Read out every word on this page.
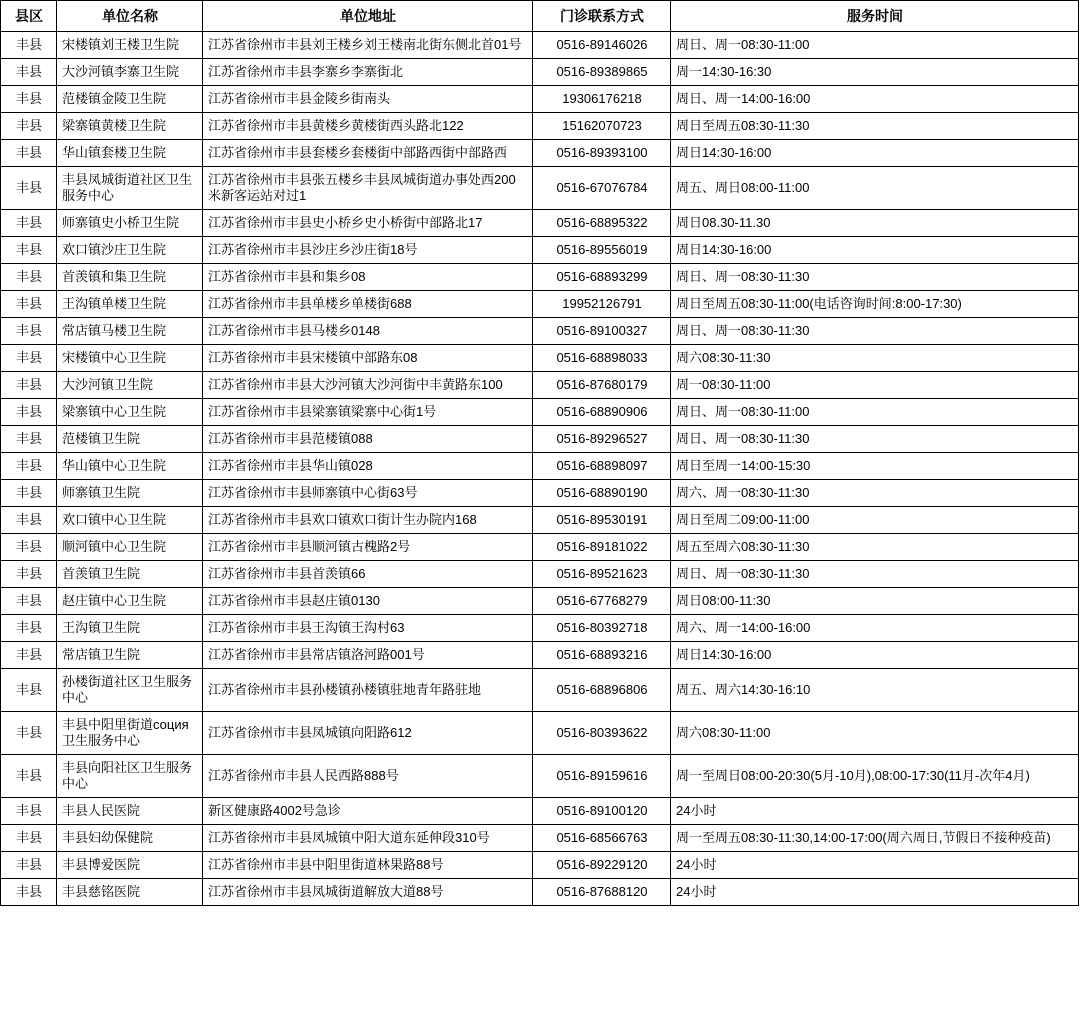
县区	单位名称	单位地址	门诊联系方式	服务时间
丰县	宋楼镇刘王楼卫生院	江苏省徐州市丰县刘王楼乡刘王楼南北街东侧北首01号	0516-89146026	周日、周一08:30-11:00
丰县	大沙河镇李寨卫生院	江苏省徐州市丰县李寨乡李寨街北	0516-89389865	周一14:30-16:30
丰县	范楼镇金陵卫生院	江苏省徐州市丰县金陵乡街南头	19306176218	周日、周一14:00-16:00
丰县	梁寨镇黄楼卫生院	江苏省徐州市丰县黄楼乡黄楼街西头路北122	15162070723	周日至周五08:30-11:30
丰县	华山镇套楼卫生院	江苏省徐州市丰县套楼乡套楼街中部路西街中部路西	0516-89393100	周日14:30-16:00
丰县	丰县凤城街道社区卫生服务中心	江苏省徐州市丰县张五楼乡丰县凤城街道办事处西200米新客运站对过1	0516-67076784	周五、周日08:00-11:00
丰县	师寨镇史小桥卫生院	江苏省徐州市丰县史小桥乡史小桥街中部路北17	0516-68895322	周日08.30-11.30
丰县	欢口镇沙庄卫生院	江苏省徐州市丰县沙庄乡沙庄街18号	0516-89556019	周日14:30-16:00
丰县	首羡镇和集卫生院	江苏省徐州市丰县和集乡08	0516-68893299	周日、周一08:30-11:30
丰县	王沟镇单楼卫生院	江苏省徐州市丰县单楼乡单楼街688	19952126791	周日至周五08:30-11:00(电话咨询时间:8:00-17:30)
丰县	常店镇马楼卫生院	江苏省徐州市丰县马楼乡0148	0516-89100327	周日、周一08:30-11:30
丰县	宋楼镇中心卫生院	江苏省徐州市丰县宋楼镇中部路东08	0516-68898033	周六08:30-11:30
丰县	大沙河镇卫生院	江苏省徐州市丰县大沙河镇大沙河街中丰黄路东100	0516-87680179	周一08:30-11:00
丰县	梁寨镇中心卫生院	江苏省徐州市丰县梁寨镇梁寨中心街1号	0516-68890906	周日、周一08:30-11:00
丰县	范楼镇卫生院	江苏省徐州市丰县范楼镇088	0516-89296527	周日、周一08:30-11:30
丰县	华山镇中心卫生院	江苏省徐州市丰县华山镇028	0516-68898097	周日至周一14:00-15:30
丰县	师寨镇卫生院	江苏省徐州市丰县师寨镇中心街63号	0516-68890190	周六、周一08:30-11:30
丰县	欢口镇中心卫生院	江苏省徐州市丰县欢口镇欢口街计生办院内168	0516-89530191	周日至周二09:00-11:00
丰县	顺河镇中心卫生院	江苏省徐州市丰县顺河镇古槐路2号	0516-89181022	周五至周六08:30-11:30
丰县	首羡镇卫生院	江苏省徐州市丰县首羡镇66	0516-89521623	周日、周一08:30-11:30
丰县	赵庄镇中心卫生院	江苏省徐州市丰县赵庄镇0130	0516-67768279	周日08:00-11:30
丰县	王沟镇卫生院	江苏省徐州市丰县王沟镇王沟村63	0516-80392718	周六、周一14:00-16:00
丰县	常店镇卫生院	江苏省徐州市丰县常店镇洛河路001号	0516-68893216	周日14:30-16:00
丰县	孙楼街道社区卫生服务中心	江苏省徐州市丰县孙楼镇孙楼镇驻地青年路驻地	0516-68896806	周五、周六14:30-16:10
丰县	丰县中阳里街道соция卫生服务中心	江苏省徐州市丰县凤城镇向阳路612	0516-80393622	周六08:30-11:00
丰县	丰县向阳社区卫生服务中心	江苏省徐州市丰县人民西路888号	0516-89159616	周一至周日08:00-20:30(5月-10月),08:00-17:30(11月-次年4月)
丰县	丰县人民医院	新区健康路4002号急诊	0516-89100120	24小时
丰县	丰县妇幼保健院	江苏省徐州市丰县凤城镇中阳大道东延伸段310号	0516-68566763	周一至周五08:30-11:30,14:00-17:00(周六周日,节假日不接种疫苗)
丰县	丰县博爱医院	江苏省徐州市丰县中阳里街道林果路88号	0516-89229120	24小时
丰县	丰县慈铭医院	江苏省徐州市丰县凤城街道解放大道88号	0516-87688120	24小时
